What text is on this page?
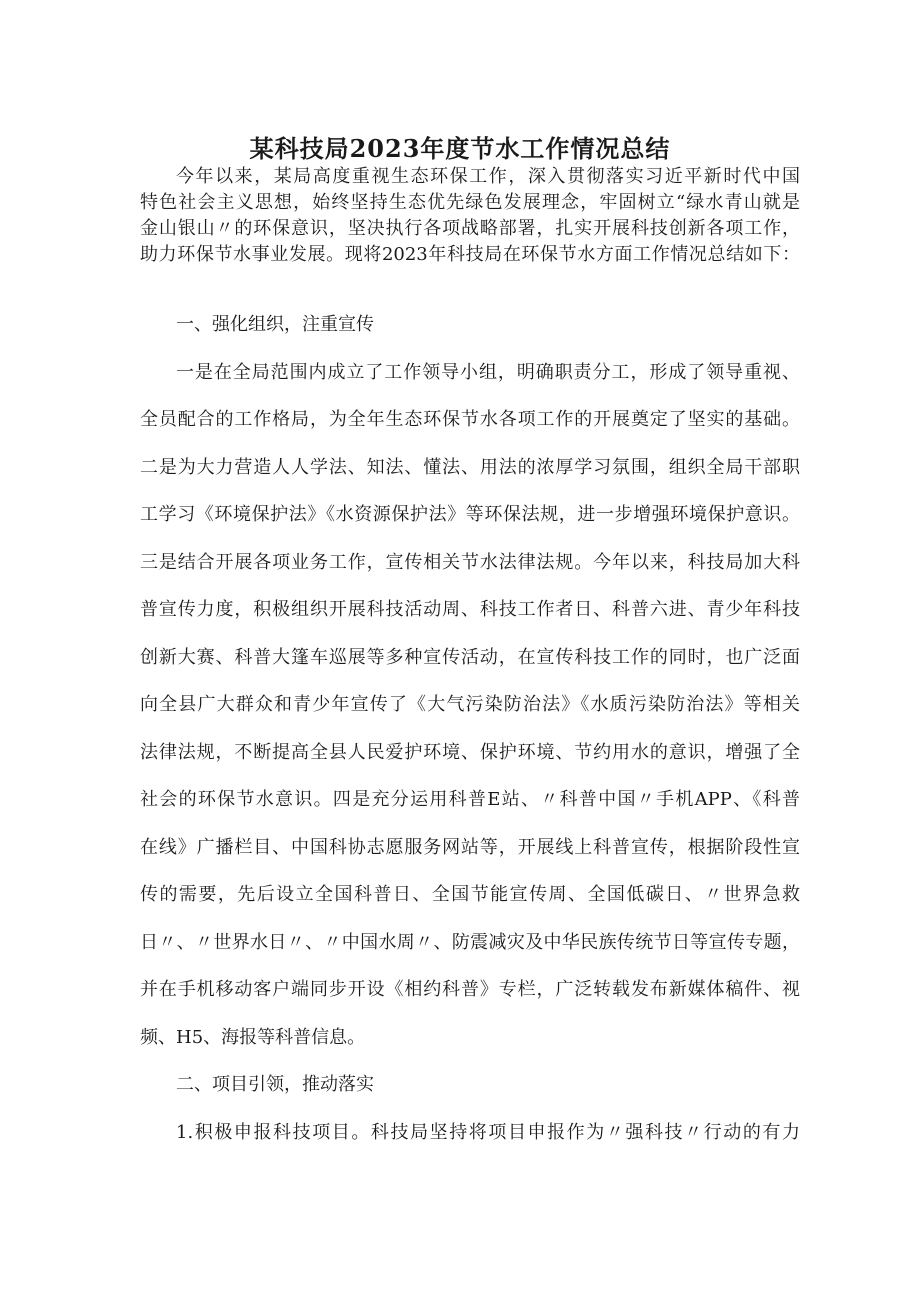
某科技局2023年度节水工作情况总结
今年以来，某局高度重视生态环保工作，深入贯彻落实习近平新时代中国
特色社会主义思想，始终坚持生态优先绿色发展理念，牢固树立“绿水青山就是
金山银山〃的环保意识，坚决执行各项战略部署，扎实开展科技创新各项工作，
助力环保节水事业发展。现将2023年科技局在环保节水方面工作情况总结如下：
一、强化组织，注重宣传
一是在全局范围内成立了工作领导小组，明确职责分工，形成了领导重视、
全员配合的工作格局，为全年生态环保节水各项工作的开展奠定了坚实的基础。
二是为大力营造人人学法、知法、懂法、用法的浓厚学习氛围，组织全局干部职
工学习《环境保护法》《水资源保护法》等环保法规，进一步增强环境保护意识。
三是结合开展各项业务工作，宣传相关节水法律法规。今年以来，科技局加大科
普宣传力度，积极组织开展科技活动周、科技工作者日、科普六进、青少年科技
创新大赛、科普大篷车巡展等多种宣传活动，在宣传科技工作的同时，也广泛面
向全县广大群众和青少年宣传了《大气污染防治法》《水质污染防治法》等相关
法律法规，不断提高全县人民爱护环境、保护环境、节约用水的意识，增强了全
社会的环保节水意识。四是充分运用科普E站、〃科普中国〃手机APP、《科普
在线》广播栏目、中国科协志愿服务网站等，开展线上科普宣传，根据阶段性宣
传的需要，先后设立全国科普日、全国节能宣传周、全国低碳日、〃世界急救
日〃、〃世界水日〃、〃中国水周〃、防震减灾及中华民族传统节日等宣传专题，
并在手机移动客户端同步开设《相约科普》专栏，广泛转载发布新媒体稿件、视
频、H5、海报等科普信息。
二、项目引领，推动落实
1.积极申报科技项目。科技局坚持将项目申报作为〃强科技〃行动的有力
